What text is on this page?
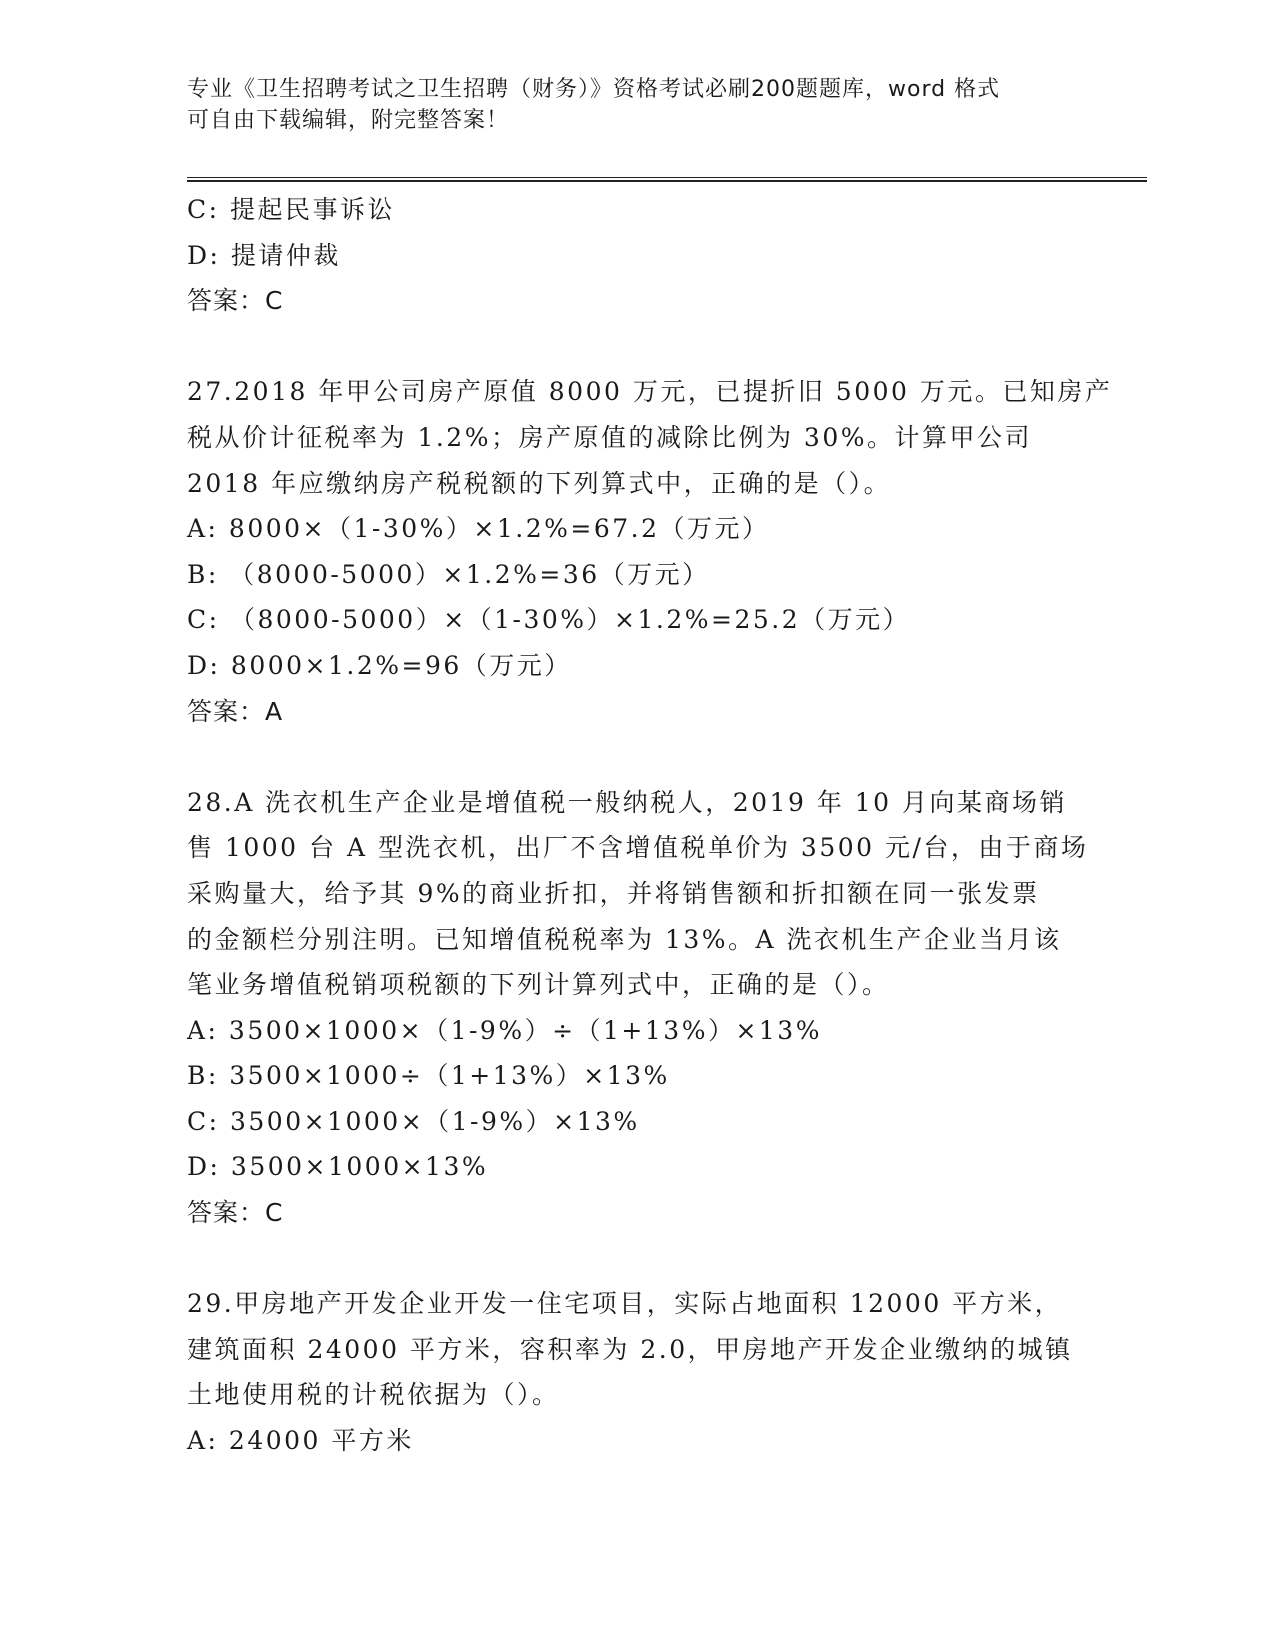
专业《卫生招聘考试之卫生招聘（财务）》资格考试必刷200题题库，word 格式
可自由下载编辑，附完整答案！
C: 提起民事诉讼
D: 提请仲裁
答案：C
27.2018 年甲公司房产原值 8000 万元，已提折旧 5000 万元。已知房产
税从价计征税率为 1.2%；房产原值的减除比例为 30%。计算甲公司
2018 年应缴纳房产税税额的下列算式中，正确的是（）。
A: 8000×（1-30%）×1.2%=67.2（万元）
B: （8000-5000）×1.2%=36（万元）
C: （8000-5000）×（1-30%）×1.2%=25.2（万元）
D: 8000×1.2%=96（万元）
答案：A
28.A 洗衣机生产企业是增值税一般纳税人，2019 年 10 月向某商场销
售 1000 台 A 型洗衣机，出厂不含增值税单价为 3500 元/台，由于商场
采购量大，给予其 9%的商业折扣，并将销售额和折扣额在同一张发票
的金额栏分别注明。已知增值税税率为 13%。A 洗衣机生产企业当月该
笔业务增值税销项税额的下列计算列式中，正确的是（）。
A: 3500×1000×（1-9%）÷（1+13%）×13%
B: 3500×1000÷（1+13%）×13%
C: 3500×1000×（1-9%）×13%
D: 3500×1000×13%
答案：C
29.甲房地产开发企业开发一住宅项目，实际占地面积 12000 平方米，
建筑面积 24000 平方米，容积率为 2.0，甲房地产开发企业缴纳的城镇
土地使用税的计税依据为（）。
A: 24000 平方米
